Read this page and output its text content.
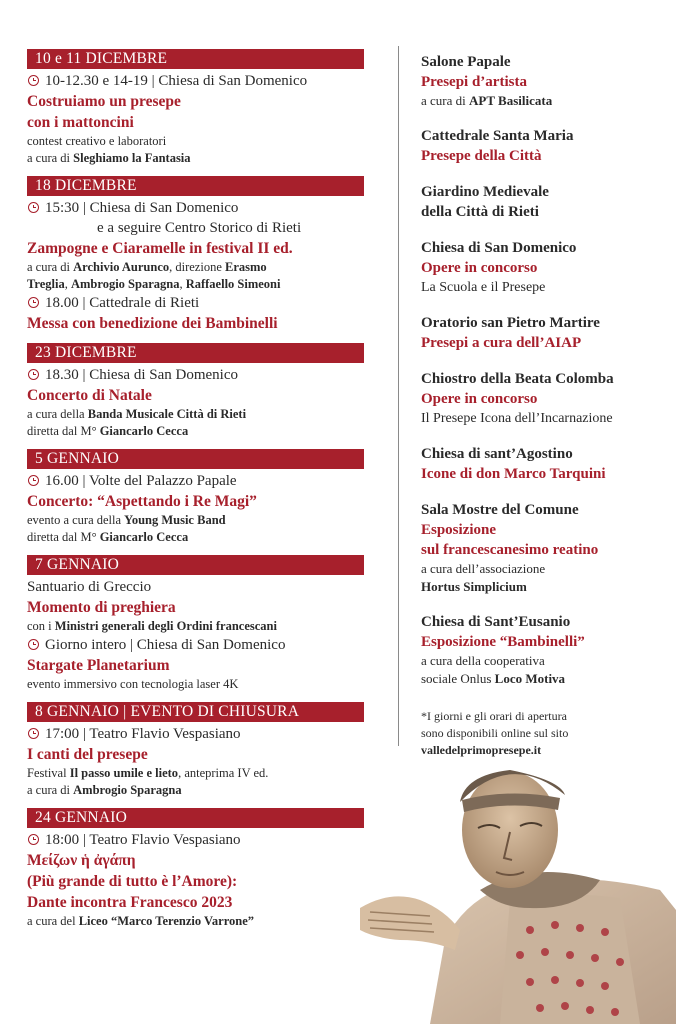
10 e 11 DICEMBRE
10-12.30 e 14-19 | Chiesa di San Domenico
Costruiamo un presepe
con i mattoncini
contest creativo e laboratori
a cura di Sleghiamo la Fantasia
18 DICEMBRE
15:30 | Chiesa di San Domenico
e a seguire Centro Storico di Rieti
Zampogne e Ciaramelle in festival II ed.
a cura di Archivio Aurunco, direzione Erasmo
Treglia, Ambrogio Sparagna, Raffaello Simeoni
18.00 | Cattedrale di Rieti
Messa con benedizione dei Bambinelli
23 DICEMBRE
18.30 | Chiesa di San Domenico
Concerto di Natale
a cura della Banda Musicale Città di Rieti
diretta dal M° Giancarlo Cecca
5 GENNAIO
16.00 | Volte del Palazzo Papale
Concerto: “Aspettando i Re Magi”
evento a cura della Young Music Band
diretta dal M° Giancarlo Cecca
7 GENNAIO
Santuario di Greccio
Momento di preghiera
con i Ministri generali degli Ordini francescani
Giorno intero | Chiesa di San Domenico
Stargate Planetarium
evento immersivo con tecnologia laser 4K
8 GENNAIO | EVENTO DI CHIUSURA
17:00 | Teatro Flavio Vespasiano
I canti del presepe
Festival Il passo umile e lieto, anteprima IV ed.
a cura di Ambrogio Sparagna
24 GENNAIO
18:00 | Teatro Flavio Vespasiano
Μείζων ἡ ἀγάπη
(Più grande di tutto è l’Amore):
Dante incontra Francesco 2023
a cura del Liceo “Marco Terenzio Varrone”
Salone Papale
Presepi d’artista
a cura di APT Basilicata
Cattedrale Santa Maria
Presepe della Città
Giardino Medievale
della Città di Rieti
Chiesa di San Domenico
Opere in concorso
La Scuola e il Presepe
Oratorio san Pietro Martire
Presepi a cura dell’AIAP
Chiostro della Beata Colomba
Opere in concorso
Il Presepe Icona dell’Incarnazione
Chiesa di sant’Agostino
Icone di don Marco Tarquini
Sala Mostre del Comune
Esposizione
sul francescanesimo reatino
a cura dell’associazione
Hortus Simplicium
Chiesa di Sant’Eusanio
Esposizione “Bambinelli”
a cura della cooperativa
sociale Onlus Loco Motiva
*I giorni e gli orari di apertura
sono disponibili online sul sito
valledelprimopresepe.it
